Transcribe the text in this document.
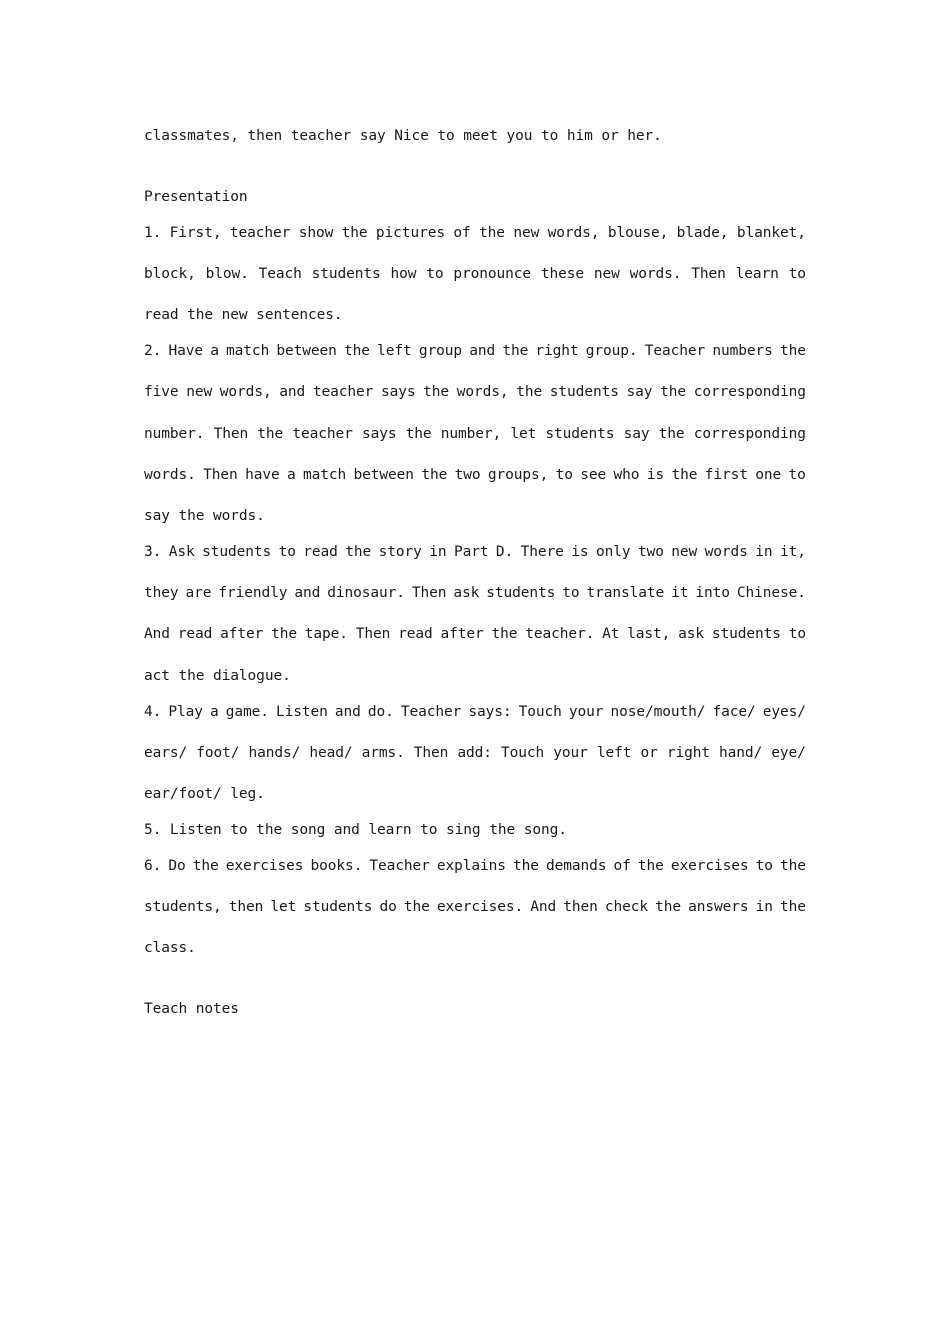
classmates, then teacher say Nice to meet you to him or her.
Presentation
1. First, teacher show the pictures of the new words, blouse, blade, blanket,
block, blow. Teach students how to pronounce these new words. Then learn to
read the new sentences.
2. Have a match between the left group and the right group. Teacher numbers the
five new words, and teacher says the words, the students say the corresponding
number. Then the teacher says the number, let students say the corresponding
words. Then have a match between the two groups, to see who is the first one to
say the words.
3. Ask students to read the story in Part D. There is only two new words in it,
they are friendly and dinosaur. Then ask students to translate it into Chinese.
And read after the tape. Then read after the teacher. At last, ask students to
act the dialogue.
4. Play a game. Listen and do. Teacher says: Touch your nose/mouth/ face/ eyes/
ears/ foot/ hands/ head/ arms. Then add: Touch your left or right hand/ eye/
ear/foot/ leg.
5. Listen to the song and learn to sing the song.
6. Do the exercises books. Teacher explains the demands of the exercises to the
students, then let students do the exercises. And then check the answers in the
class.
Teach notes
